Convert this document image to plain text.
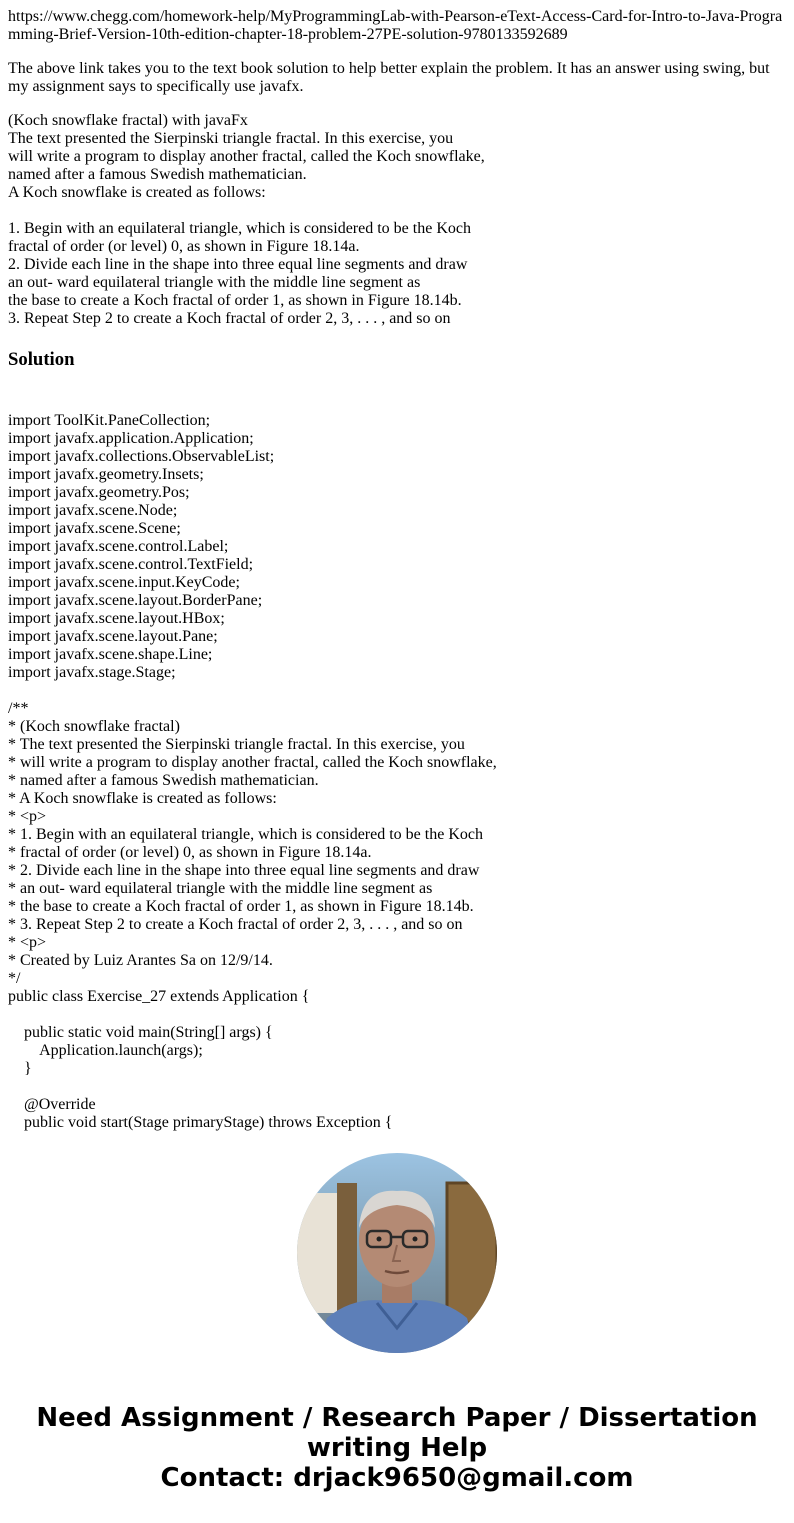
https://www.chegg.com/homework-help/MyProgrammingLab-with-Pearson-eText-Access-Card-for-Intro-to-Java-Programming-Brief-Version-10th-edition-chapter-18-problem-27PE-solution-9780133592689
The above link takes you to the text book solution to help better explain the problem. It has an answer using swing, but my assignment says to specifically use javafx.
(Koch snowflake fractal) with javaFx
The text presented the Sierpinski triangle fractal. In this exercise, you
will write a program to display another fractal, called the Koch snowflake,
named after a famous Swedish mathematician.
A Koch snowflake is created as follows:
1. Begin with an equilateral triangle, which is considered to be the Koch
fractal of order (or level) 0, as shown in Figure 18.14a.
2. Divide each line in the shape into three equal line segments and draw
an out- ward equilateral triangle with the middle line segment as
the base to create a Koch fractal of order 1, as shown in Figure 18.14b.
3. Repeat Step 2 to create a Koch fractal of order 2, 3, . . . , and so on
Solution
import ToolKit.PaneCollection;
import javafx.application.Application;
import javafx.collections.ObservableList;
import javafx.geometry.Insets;
import javafx.geometry.Pos;
import javafx.scene.Node;
import javafx.scene.Scene;
import javafx.scene.control.Label;
import javafx.scene.control.TextField;
import javafx.scene.input.KeyCode;
import javafx.scene.layout.BorderPane;
import javafx.scene.layout.HBox;
import javafx.scene.layout.Pane;
import javafx.scene.shape.Line;
import javafx.stage.Stage;
/**
* (Koch snowflake fractal)
* The text presented the Sierpinski triangle fractal. In this exercise, you
* will write a program to display another fractal, called the Koch snowflake,
* named after a famous Swedish mathematician.
* A Koch snowflake is created as follows:
* <p>
* 1. Begin with an equilateral triangle, which is considered to be the Koch
* fractal of order (or level) 0, as shown in Figure 18.14a.
* 2. Divide each line in the shape into three equal line segments and draw
* an out- ward equilateral triangle with the middle line segment as
* the base to create a Koch fractal of order 1, as shown in Figure 18.14b.
* 3. Repeat Step 2 to create a Koch fractal of order 2, 3, . . . , and so on
* <p>
* Created by Luiz Arantes Sa on 12/9/14.
*/
public class Exercise_27 extends Application {
public static void main(String[] args) {
Application.launch(args);
}
@Override
public void start(Stage primaryStage) throws Exception {
Need Assignment / Research Paper / Dissertation
writing Help
Contact: drjack9650@gmail.com
